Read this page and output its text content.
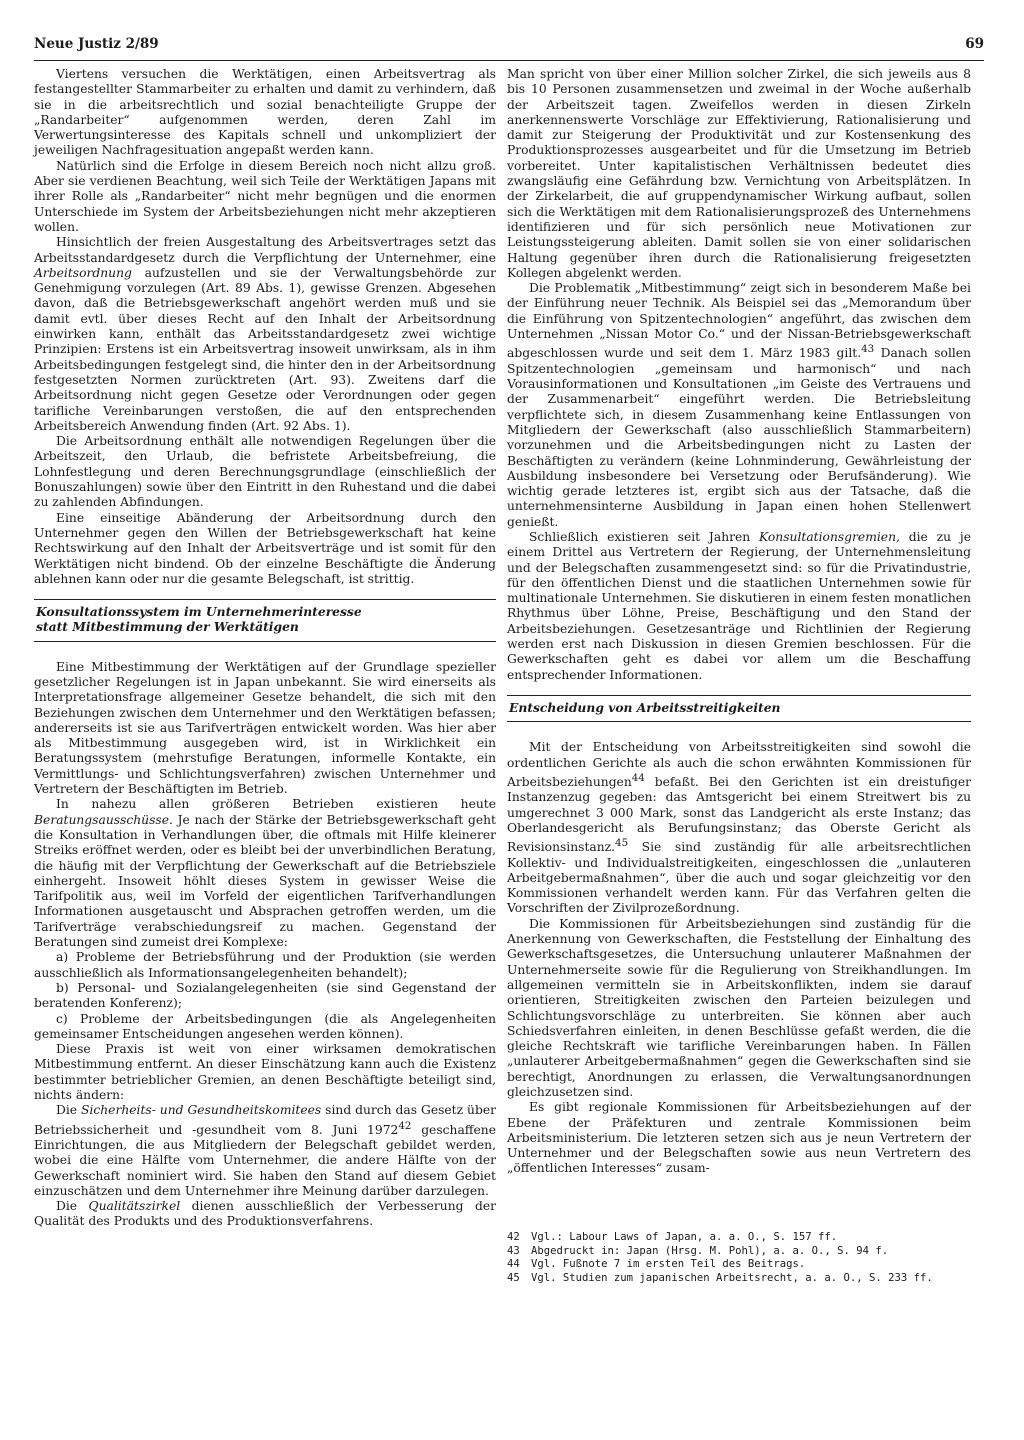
Neue Justiz 2/89	69

Viertens versuchen die Werktätigen, einen Arbeitsvertrag als festangestellter Stammarbeiter zu erhalten und damit zu verhindern, daß sie in die arbeitsrechtlich und sozial benachteiligte Gruppe der „Randarbeiter“ aufgenommen werden, deren Zahl im Verwertungsinteresse des Kapitals schnell und unkompliziert der jeweiligen Nachfragesituation angepaßt werden kann.

Natürlich sind die Erfolge in diesem Bereich noch nicht allzu groß. Aber sie verdienen Beachtung, weil sich Teile der Werktätigen Japans mit ihrer Rolle als „Randarbeiter“ nicht mehr begnügen und die enormen Unterschiede im System der Arbeitsbeziehungen nicht mehr akzeptieren wollen.

Hinsichtlich der freien Ausgestaltung des Arbeitsvertrages setzt das Arbeitsstandardgesetz durch die Verpflichtung der Unternehmer, eine Arbeitsordnung aufzustellen und sie der Verwaltungsbehörde zur Genehmigung vorzulegen (Art. 89 Abs. 1), gewisse Grenzen. Abgesehen davon, daß die Betriebsgewerkschaft angehört werden muß und sie damit evtl. über dieses Recht auf den Inhalt der Arbeitsordnung einwirken kann, enthält das Arbeitsstandardgesetz zwei wichtige Prinzipien: Erstens ist ein Arbeitsvertrag insoweit unwirksam, als in ihm Arbeitsbedingungen festgelegt sind, die hinter den in der Arbeitsordnung festgesetzten Normen zurücktreten (Art. 93). Zweitens darf die Arbeitsordnung nicht gegen Gesetze oder Verordnungen oder gegen tarifliche Vereinbarungen verstoßen, die auf den entsprechenden Arbeitsbereich Anwendung finden (Art. 92 Abs. 1).

Die Arbeitsordnung enthält alle notwendigen Regelungen über die Arbeitszeit, den Urlaub, die befristete Arbeitsbefreiung, die Lohnfestlegung und deren Berechnungsgrundlage (einschließlich der Bonuszahlungen) sowie über den Eintritt in den Ruhestand und die dabei zu zahlenden Abfindungen.

Eine einseitige Abänderung der Arbeitsordnung durch den Unternehmer gegen den Willen der Betriebsgewerkschaft hat keine Rechtswirkung auf den Inhalt der Arbeitsverträge und ist somit für den Werktätigen nicht bindend. Ob der einzelne Beschäftigte die Änderung ablehnen kann oder nur die gesamte Belegschaft, ist strittig.

Konsultationssystem im Unternehmerinteresse
statt Mitbestimmung der Werktätigen

Eine Mitbestimmung der Werktätigen auf der Grundlage spezieller gesetzlicher Regelungen ist in Japan unbekannt. Sie wird einerseits als Interpretationsfrage allgemeiner Gesetze behandelt, die sich mit den Beziehungen zwischen dem Unternehmer und den Werktätigen befassen; andererseits ist sie aus Tarifverträgen entwickelt worden. Was hier aber als Mitbestimmung ausgegeben wird, ist in Wirklichkeit ein Beratungssystem (mehrstufige Beratungen, informelle Kontakte, ein Vermittlungs- und Schlichtungsverfahren) zwischen Unternehmer und Vertretern der Beschäftigten im Betrieb.

In nahezu allen größeren Betrieben existieren heute Beratungsausschüsse. Je nach der Stärke der Betriebsgewerkschaft geht die Konsultation in Verhandlungen über, die oftmals mit Hilfe kleinerer Streiks eröffnet werden, oder es bleibt bei der unverbindlichen Beratung, die häufig mit der Verpflichtung der Gewerkschaft auf die Betriebsziele einhergeht. Insoweit höhlt dieses System in gewisser Weise die Tarifpolitik aus, weil im Vorfeld der eigentlichen Tarifverhandlungen Informationen ausgetauscht und Absprachen getroffen werden, um die Tarifverträge verabschiedungsreif zu machen. Gegenstand der Beratungen sind zumeist drei Komplexe:

a) Probleme der Betriebsführung und der Produktion (sie werden ausschließlich als Informationsangelegenheiten behandelt);

b) Personal- und Sozialangelegenheiten (sie sind Gegenstand der beratenden Konferenz);

c) Probleme der Arbeitsbedingungen (die als Angelegenheiten gemeinsamer Entscheidungen angesehen werden können).

Diese Praxis ist weit von einer wirksamen demokratischen Mitbestimmung entfernt. An dieser Einschätzung kann auch die Existenz bestimmter betrieblicher Gremien, an denen Beschäftigte beteiligt sind, nichts ändern:

Die Sicherheits- und Gesundheitskomitees sind durch das Gesetz über Betriebssicherheit und -gesundheit vom 8. Juni 1972$^{42}$ geschaffene Einrichtungen, die aus Mitgliedern der Belegschaft gebildet werden, wobei die eine Hälfte vom Unternehmer, die andere Hälfte von der Gewerkschaft nominiert wird. Sie haben den Stand auf diesem Gebiet einzuschätzen und dem Unternehmer ihre Meinung darüber darzulegen.

Die Qualitätszirkel dienen ausschließlich der Verbesserung der Qualität des Produkts und des Produktionsverfahrens.

Man spricht von über einer Million solcher Zirkel, die sich jeweils aus 8 bis 10 Personen zusammensetzen und zweimal in der Woche außerhalb der Arbeitszeit tagen. Zweifellos werden in diesen Zirkeln anerkennenswerte Vorschläge zur Effektivierung, Rationalisierung und damit zur Steigerung der Produktivität und zur Kostensenkung des Produktionsprozesses ausgearbeitet und für die Umsetzung im Betrieb vorbereitet. Unter kapitalistischen Verhältnissen bedeutet dies zwangsläufig eine Gefährdung bzw. Vernichtung von Arbeitsplätzen. In der Zirkelarbeit, die auf gruppendynamischer Wirkung aufbaut, sollen sich die Werktätigen mit dem Rationalisierungsprozeß des Unternehmens identifizieren und für sich persönlich neue Motivationen zur Leistungssteigerung ableiten. Damit sollen sie von einer solidarischen Haltung gegenüber ihren durch die Rationalisierung freigesetzten Kollegen abgelenkt werden.

Die Problematik „Mitbestimmung“ zeigt sich in besonderem Maße bei der Einführung neuer Technik. Als Beispiel sei das „Memorandum über die Einführung von Spitzentechnologien“ angeführt, das zwischen dem Unternehmen „Nissan Motor Co.“ und der Nissan-Betriebsgewerkschaft abgeschlossen wurde und seit dem 1. März 1983 gilt.$^{43}$ Danach sollen Spitzentechnologien „gemeinsam und harmonisch“ und nach Vorausinformationen und Konsultationen „im Geiste des Vertrauens und der Zusammenarbeit“ eingeführt werden. Die Betriebsleitung verpflichtete sich, in diesem Zusammenhang keine Entlassungen von Mitgliedern der Gewerkschaft (also ausschließlich Stammarbeitern) vorzunehmen und die Arbeitsbedingungen nicht zu Lasten der Beschäftigten zu verändern (keine Lohnminderung, Gewährleistung der Ausbildung insbesondere bei Versetzung oder Berufsänderung). Wie wichtig gerade letzteres ist, ergibt sich aus der Tatsache, daß die unternehmensinterne Ausbildung in Japan einen hohen Stellenwert genießt.

Schließlich existieren seit Jahren Konsultationsgremien, die zu je einem Drittel aus Vertretern der Regierung, der Unternehmensleitung und der Belegschaften zusammengesetzt sind: so für die Privatindustrie, für den öffentlichen Dienst und die staatlichen Unternehmen sowie für multinationale Unternehmen. Sie diskutieren in einem festen monatlichen Rhythmus über Löhne, Preise, Beschäftigung und den Stand der Arbeitsbeziehungen. Gesetzesanträge und Richtlinien der Regierung werden erst nach Diskussion in diesen Gremien beschlossen. Für die Gewerkschaften geht es dabei vor allem um die Beschaffung entsprechender Informationen.

Entscheidung von Arbeitsstreitigkeiten

Mit der Entscheidung von Arbeitsstreitigkeiten sind sowohl die ordentlichen Gerichte als auch die schon erwähnten Kommissionen für Arbeitsbeziehungen$^{44}$ befaßt. Bei den Gerichten ist ein dreistufiger Instanzenzug gegeben: das Amtsgericht bei einem Streitwert bis zu umgerechnet 3 000 Mark, sonst das Landgericht als erste Instanz; das Oberlandesgericht als Berufungsinstanz; das Oberste Gericht als Revisionsinstanz.$^{45}$ Sie sind zuständig für alle arbeitsrechtlichen Kollektiv- und Individualstreitigkeiten, eingeschlossen die „unlauteren Arbeitgebermaßnahmen“, über die auch und sogar gleichzeitig vor den Kommissionen verhandelt werden kann. Für das Verfahren gelten die Vorschriften der Zivilprozeßordnung.

Die Kommissionen für Arbeitsbeziehungen sind zuständig für die Anerkennung von Gewerkschaften, die Feststellung der Einhaltung des Gewerkschaftsgesetzes, die Untersuchung unlauterer Maßnahmen der Unternehmerseite sowie für die Regulierung von Streikhandlungen. Im allgemeinen vermitteln sie in Arbeitskonflikten, indem sie darauf orientieren, Streitigkeiten zwischen den Parteien beizulegen und Schlichtungsvorschläge zu unterbreiten. Sie können aber auch Schiedsverfahren einleiten, in denen Beschlüsse gefaßt werden, die die gleiche Rechtskraft wie tarifliche Vereinbarungen haben. In Fällen „unlauterer Arbeitgebermaßnahmen“ gegen die Gewerkschaften sind sie berechtigt, Anordnungen zu erlassen, die Verwaltungsanordnungen gleichzusetzen sind.

Es gibt regionale Kommissionen für Arbeitsbeziehungen auf der Ebene der Präfekturen und zentrale Kommissionen beim Arbeitsministerium. Die letzteren setzen sich aus je neun Vertretern der Unternehmer und der Belegschaften sowie aus neun Vertretern des „öffentlichen Interesses“ zusam-

42	Vgl.: Labour Laws of Japan, a. a. O., S. 157 ff.
43	Abgedruckt in: Japan (Hrsg. M. Pohl), a. a. O., S. 94 f.
44	Vgl. Fußnote 7 im ersten Teil des Beitrags.
45	Vgl. Studien zum japanischen Arbeitsrecht, a. a. O., S. 233 ff.
